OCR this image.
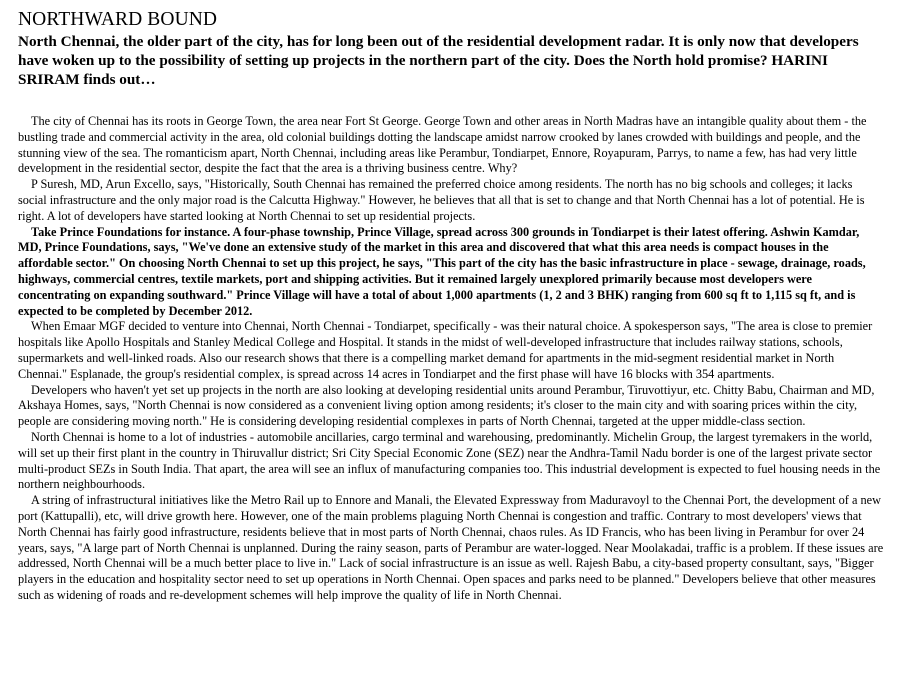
NORTHWARD BOUND
North Chennai, the older part of the city, has for long been out of the residential development radar. It is only now that developers have woken up to the possibility of setting up projects in the northern part of the city. Does the North hold promise? HARINI SRIRAM finds out…

The city of Chennai has its roots in George Town, the area near Fort St George. George Town and other areas in North Madras have an intangible quality about them - the bustling trade and commercial activity in the area, old colonial buildings dotting the landscape amidst narrow crooked by lanes crowded with buildings and people, and the stunning view of the sea. The romanticism apart, North Chennai, including areas like Perambur, Tondiarpet, Ennore, Royapuram, Parrys, to name a few, has had very little development in the residential sector, despite the fact that the area is a thriving business centre. Why?

P Suresh, MD, Arun Excello, says, "Historically, South Chennai has remained the preferred choice among residents. The north has no big schools and colleges; it lacks social infrastructure and the only major road is the Calcutta Highway." However, he believes that all that is set to change and that North Chennai has a lot of potential. He is right. A lot of developers have started looking at North Chennai to set up residential projects.

Take Prince Foundations for instance. A four-phase township, Prince Village, spread across 300 grounds in Tondiarpet is their latest offering. Ashwin Kamdar, MD, Prince Foundations, says, "We've done an extensive study of the market in this area and discovered that what this area needs is compact houses in the affordable sector." On choosing North Chennai to set up this project, he says, "This part of the city has the basic infrastructure in place - sewage, drainage, roads, highways, commercial centres, textile markets, port and shipping activities. But it remained largely unexplored primarily because most developers were concentrating on expanding southward." Prince Village will have a total of about 1,000 apartments (1, 2 and 3 BHK) ranging from 600 sq ft to 1,115 sq ft, and is expected to be completed by December 2012.

When Emaar MGF decided to venture into Chennai, North Chennai - Tondiarpet, specifically - was their natural choice. A spokesperson says, "The area is close to premier hospitals like Apollo Hospitals and Stanley Medical College and Hospital. It stands in the midst of well-developed infrastructure that includes railway stations, schools, supermarkets and well-linked roads. Also our research shows that there is a compelling market demand for apartments in the mid-segment residential market in North Chennai." Esplanade, the group's residential complex, is spread across 14 acres in Tondiarpet and the first phase will have 16 blocks with 354 apartments.

Developers who haven't yet set up projects in the north are also looking at developing residential units around Perambur, Tiruvottiyur, etc. Chitty Babu, Chairman and MD, Akshaya Homes, says, "North Chennai is now considered as a convenient living option among residents; it's closer to the main city and with soaring prices within the city, people are considering moving north." He is considering developing residential complexes in parts of North Chennai, targeted at the upper middle-class section.

North Chennai is home to a lot of industries - automobile ancillaries, cargo terminal and warehousing, predominantly. Michelin Group, the largest tyremakers in the world, will set up their first plant in the country in Thiruvallur district; Sri City Special Economic Zone (SEZ) near the Andhra-Tamil Nadu border is one of the largest private sector multi-product SEZs in South India. That apart, the area will see an influx of manufacturing companies too. This industrial development is expected to fuel housing needs in the northern neighbourhoods.

A string of infrastructural initiatives like the Metro Rail up to Ennore and Manali, the Elevated Expressway from Maduravoyl to the Chennai Port, the development of a new port (Kattupalli), etc, will drive growth here. However, one of the main problems plaguing North Chennai is congestion and traffic. Contrary to most developers' views that North Chennai has fairly good infrastructure, residents believe that in most parts of North Chennai, chaos rules. As ID Francis, who has been living in Perambur for over 24 years, says, "A large part of North Chennai is unplanned. During the rainy season, parts of Perambur are water-logged. Near Moolakadai, traffic is a problem. If these issues are addressed, North Chennai will be a much better place to live in." Lack of social infrastructure is an issue as well. Rajesh Babu, a city-based property consultant, says, "Bigger players in the education and hospitality sector need to set up operations in North Chennai. Open spaces and parks need to be planned." Developers believe that other measures such as widening of roads and re-development schemes will help improve the quality of life in North Chennai.
